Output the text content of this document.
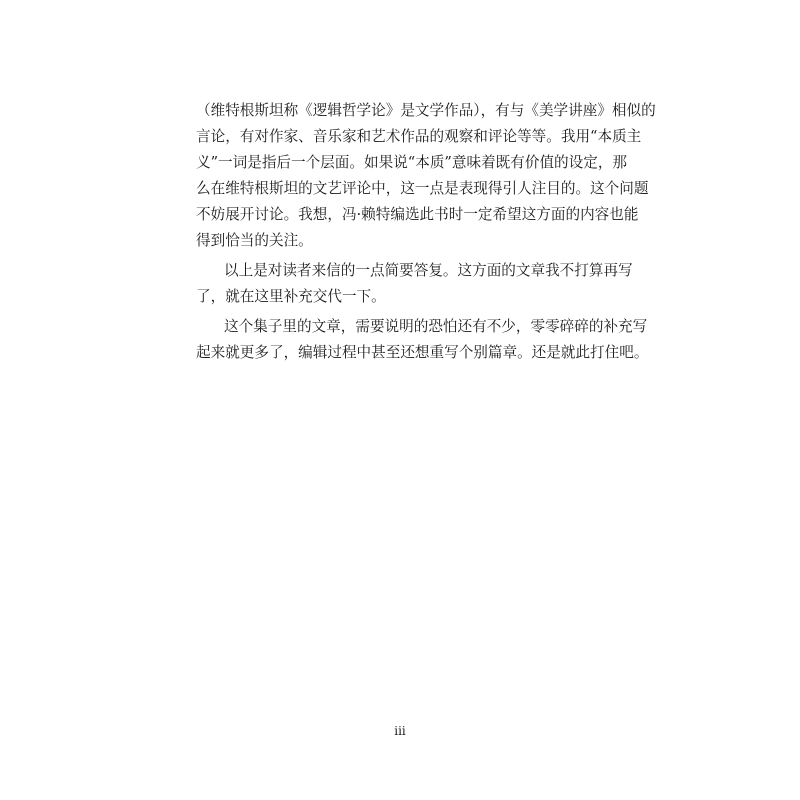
（维特根斯坦称《逻辑哲学论》是文学作品），有与《美学讲座》相似的
言论，有对作家、音乐家和艺术作品的观察和评论等等。我用“本质主
义”一词是指后一个层面。如果说“本质”意味着既有价值的设定，那
么在维特根斯坦的文艺评论中，这一点是表现得引人注目的。这个问题
不妨展开讨论。我想，冯·赖特编选此书时一定希望这方面的内容也能
得到恰当的关注。
以上是对读者来信的一点简要答复。这方面的文章我不打算再写
了，就在这里补充交代一下。
这个集子里的文章，需要说明的恐怕还有不少，零零碎碎的补充写
起来就更多了，编辑过程中甚至还想重写个别篇章。还是就此打住吧。
iii
